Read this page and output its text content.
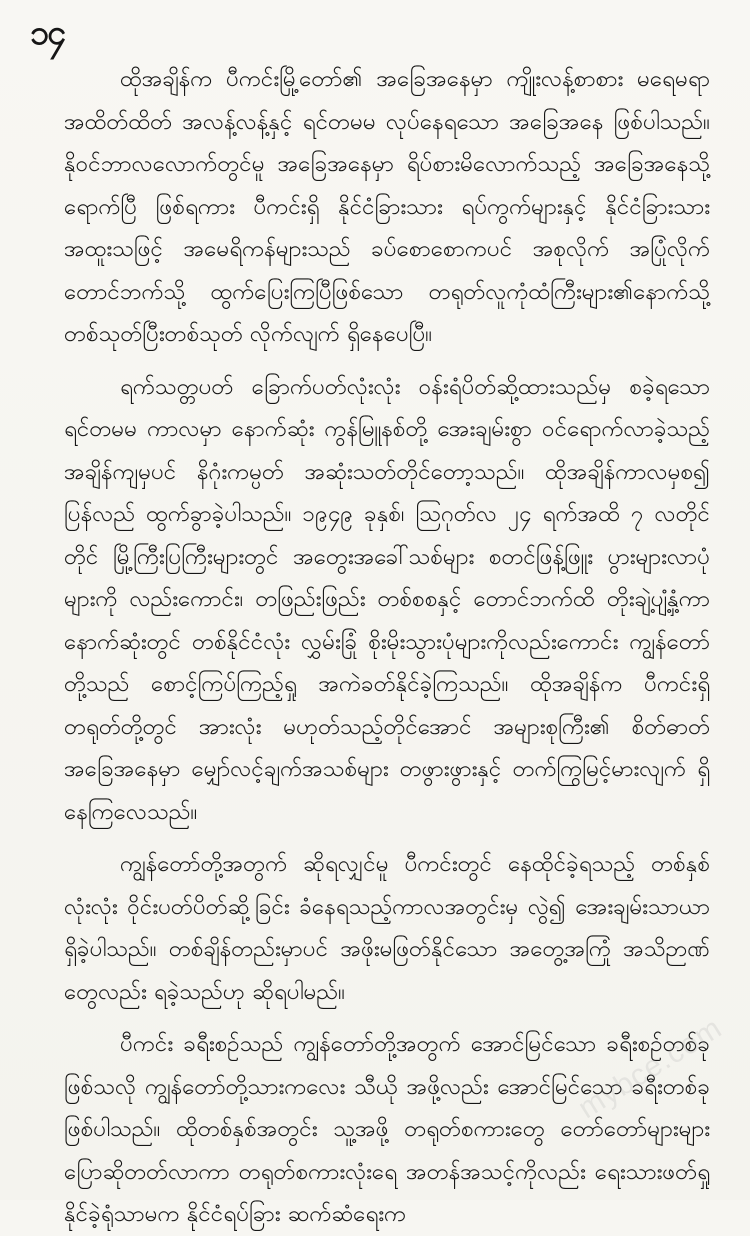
၁၄

ထိုအချိန်က ပီကင်းမြို့တော်၏ အခြေအနေမှာ ကျိုးလန့်စာစား မရေမရာ အထိတ်ထိတ် အလန့်လန့်နှင့် ရင်တမမ လုပ်နေရသော အခြေအနေ ဖြစ်ပါသည်။ နိုဝင်ဘာလလောက်တွင်မူ အခြေအနေမှာ ရိပ်စားမိလောက်သည့် အခြေအနေသို့ရောက်ပြီ ဖြစ်ရကား ပီကင်းရှိ နိုင်ငံခြားသား ရပ်ကွက်များနှင့် နိုင်ငံခြားသား အထူးသဖြင့် အမေရိကန်များသည် ခပ်စောစောကပင် အစုလိုက် အပြုံလိုက် တောင်ဘက်သို့ ထွက်ပြေးကြပြီဖြစ်သော တရုတ်လူကုံထံကြီးများ၏နောက်သို့ တစ်သုတ်ပြီးတစ်သုတ် လိုက်လျက် ရှိနေပေပြီ။

ရက်သတ္တပတ် ခြောက်ပတ်လုံးလုံး ဝန်းရံပိတ်ဆို့ထားသည်မှ စခဲ့ရသော ရင်တမမ ကာလမှာ နောက်ဆုံး ကွန်မြူနစ်တို့ အေးချမ်းစွာ ဝင်ရောက်လာခဲ့သည့် အချိန်ကျမှပင် နိဂုံးကမ္ပတ် အဆုံးသတ်တိုင်တော့သည်။ ထိုအချိန်ကာလမှစ၍ ပြန်လည် ထွက်ခွာခဲ့ပါသည်။ ၁၉၄၉ ခုနှစ်၊ ဩဂုတ်လ ၂၄ ရက်အထိ ၇ လတိုင်တိုင် မြို့ကြီးပြကြီးများတွင် အတွေးအခေါ်သစ်များ စတင်ဖြန့်ဖြူး ပွားများလာပုံများကို လည်းကောင်း၊ တဖြည်းဖြည်း တစ်စစနှင့် တောင်ဘက်ထိ တိုးချဲ့ပျံ့နှံ့ကာ နောက်ဆုံးတွင် တစ်နိုင်ငံလုံး လွှမ်းခြုံ စိုးမိုးသွားပုံများကိုလည်းကောင်း ကျွန်တော်တို့သည် စောင့်ကြပ်ကြည့်ရှု အကဲခတ်နိုင်ခဲ့ကြသည်။ ထိုအချိန်က ပီကင်းရှိ တရုတ်တို့တွင် အားလုံး မဟုတ်သည့်တိုင်အောင် အများစုကြီး၏ စိတ်ဓာတ်အခြေအနေမှာ မျှော်လင့်ချက်အသစ်များ တဖွားဖွားနှင့် တက်ကြွမြင့်မားလျက် ရှိနေကြလေသည်။

ကျွန်တော်တို့အတွက် ဆိုရလျှင်မူ ပီကင်းတွင် နေထိုင်ခဲ့ရသည့် တစ်နှစ်လုံးလုံး ဝိုင်းပတ်ပိတ်ဆို့ခြင်း ခံနေရသည့်ကာလအတွင်းမှ လွဲ၍ အေးချမ်းသာယာ ရှိခဲ့ပါသည်။ တစ်ချိန်တည်းမှာပင် အဖိုးမဖြတ်နိုင်သော အတွေ့အကြုံ အသိဉာဏ်တွေလည်း ရခဲ့သည်ဟု ဆိုရပါမည်။

ပီကင်း ခရီးစဉ်သည် ကျွန်တော်တို့အတွက် အောင်မြင်သော ခရီးစဉ်တစ်ခု ဖြစ်သလို ကျွန်တော်တို့သားကလေး သီယို အဖို့လည်း အောင်မြင်သော ခရီးတစ်ခု ဖြစ်ပါသည်။ ထိုတစ်နှစ်အတွင်း သူ့အဖို့ တရုတ်စကားတွေ တော်တော်များများ ပြောဆိုတတ်လာကာ တရုတ်စကားလုံးရေ အတန်အသင့်ကိုလည်း ရေးသားဖတ်ရှုနိုင်ခဲ့ရုံသာမက နိုင်ငံရပ်ခြား ဆက်ဆံရေးက

mybce.com
